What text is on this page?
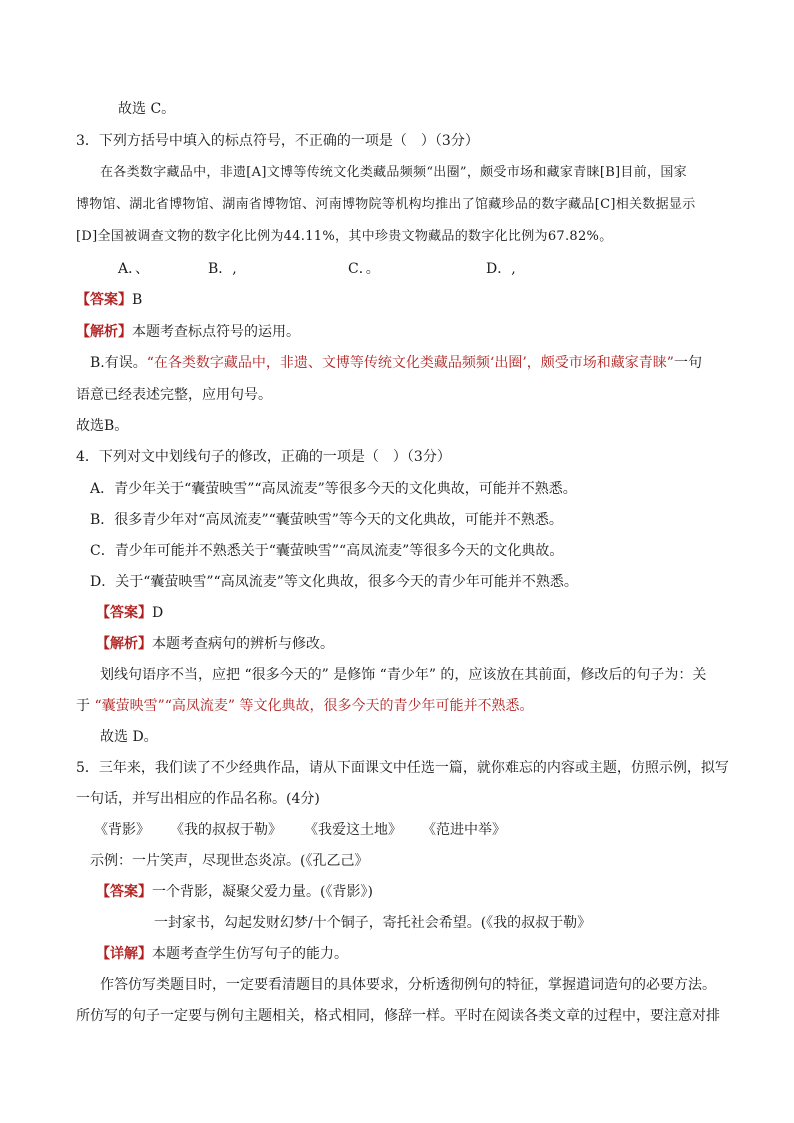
故选 C。
3．下列方括号中填入的标点符号，不正确的一项是（　）（3分）
在各类数字藏品中，非遗[A]文博等传统文化类藏品频频“出圈”，颇受市场和藏家青睐[B]目前，国家
博物馆、湖北省博物馆、湖南省博物馆、河南博物院等机构均推出了馆藏珍品的数字藏品[C]相关数据显示
[D]全国被调查文物的数字化比例为44.11%，其中珍贵文物藏品的数字化比例为67.82%。
A．、	B．,	C．。	D．,
【答案】B
【解析】本题考查标点符号的运用。
B.有误。“在各类数字藏品中，非遗、文博等传统文化类藏品频频‘出圈’，颇受市场和藏家青睐”一句
语意已经表述完整，应用句号。
故选B。
4．下列对文中划线句子的修改，正确的一项是（　）（3分）
A．青少年关于“囊萤映雪”“高凤流麦”等很多今天的文化典故，可能并不熟悉。
B．很多青少年对“高凤流麦”“囊萤映雪”等今天的文化典故，可能并不熟悉。
C．青少年可能并不熟悉关于“囊萤映雪”“高凤流麦”等很多今天的文化典故。
D．关于“囊萤映雪”“高凤流麦”等文化典故，很多今天的青少年可能并不熟悉。
【答案】D
【解析】本题考查病句的辨析与修改。
划线句语序不当，应把 “很多今天的” 是修饰 “青少年” 的，应该放在其前面，修改后的句子为：关
于 “囊萤映雪”“高凤流麦” 等文化典故，很多今天的青少年可能并不熟悉。
故选 D。
5．三年来，我们读了不少经典作品，请从下面课文中任选一篇，就你难忘的内容或主题，仿照示例，拟写
一句话，并写出相应的作品名称。(4分)
《背影》 《我的叔叔于勒》 《我爱这土地》 《范进中举》
示例：一片笑声，尽现世态炎凉。(《孔乙己》
【答案】一个背影，凝聚父爱力量。(《背影》)
一封家书，勾起发财幻梦/十个铜子，寄托社会希望。(《我的叔叔于勒》
【详解】本题考查学生仿写句子的能力。
作答仿写类题目时，一定要看清题目的具体要求，分析透彻例句的特征，掌握遣词造句的必要方法。
所仿写的句子一定要与例句主题相关，格式相同，修辞一样。平时在阅读各类文章的过程中，要注意对排
